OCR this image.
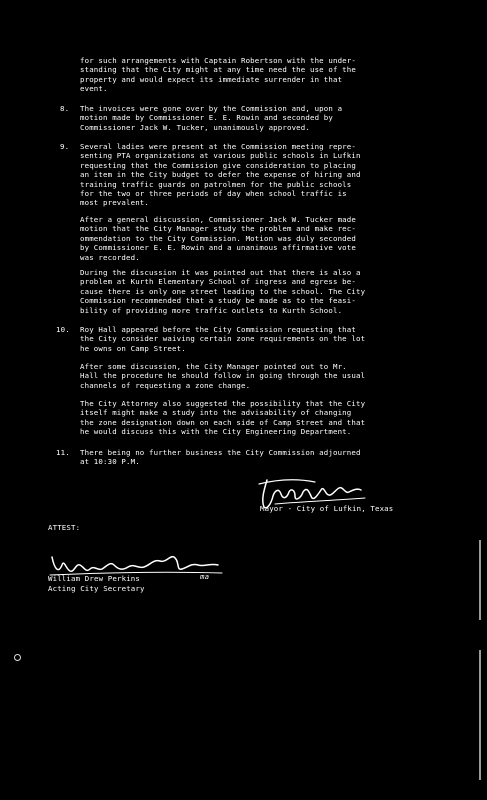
for such arrangements with Captain Robertson with the under-
standing that the City might at any time need the use of the
property and would expect its immediate surrender in that
event.
8. The invoices were gone over by the Commission and, upon a
motion made by Commissioner E. E. Rowin and seconded by
Commissioner Jack W. Tucker, unanimously approved.
9. Several ladies were present at the Commission meeting repre-
senting PTA organizations at various public schools in Lufkin
requesting that the Commission give consideration to placing
an item in the City budget to defer the expense of hiring and
training traffic guards on patrolmen for the public schools
for the two or three periods of day when school traffic is
most prevalent.
After a general discussion, Commissioner Jack W. Tucker made
motion that the City Manager study the problem and make rec-
ommendation to the City Commission. Motion was duly seconded
by Commissioner E. E. Rowin and a unanimous affirmative vote
was recorded.
During the discussion it was pointed out that there is also a
problem at Kurth Elementary School of ingress and egress be-
cause there is only one street leading to the school. The City
Commission recommended that a study be made as to the feasi-
bility of providing more traffic outlets to Kurth School.
10. Roy Hall appeared before the City Commission requesting that
the City consider waiving certain zone requirements on the lot
he owns on Camp Street.
After some discussion, the City Manager pointed out to Mr.
Hall the procedure he should follow in going through the usual
channels of requesting a zone change.
The City Attorney also suggested the possibility that the City
itself might make a study into the advisability of changing
the zone designation down on each side of Camp Street and that
he would discuss this with the City Engineering Department.
11. There being no further business the City Commission adjourned
at 10:30 P.M.
Mayor - City of Lufkin, Texas
ATTEST:
William Drew Perkins	ma
Acting City Secretary
